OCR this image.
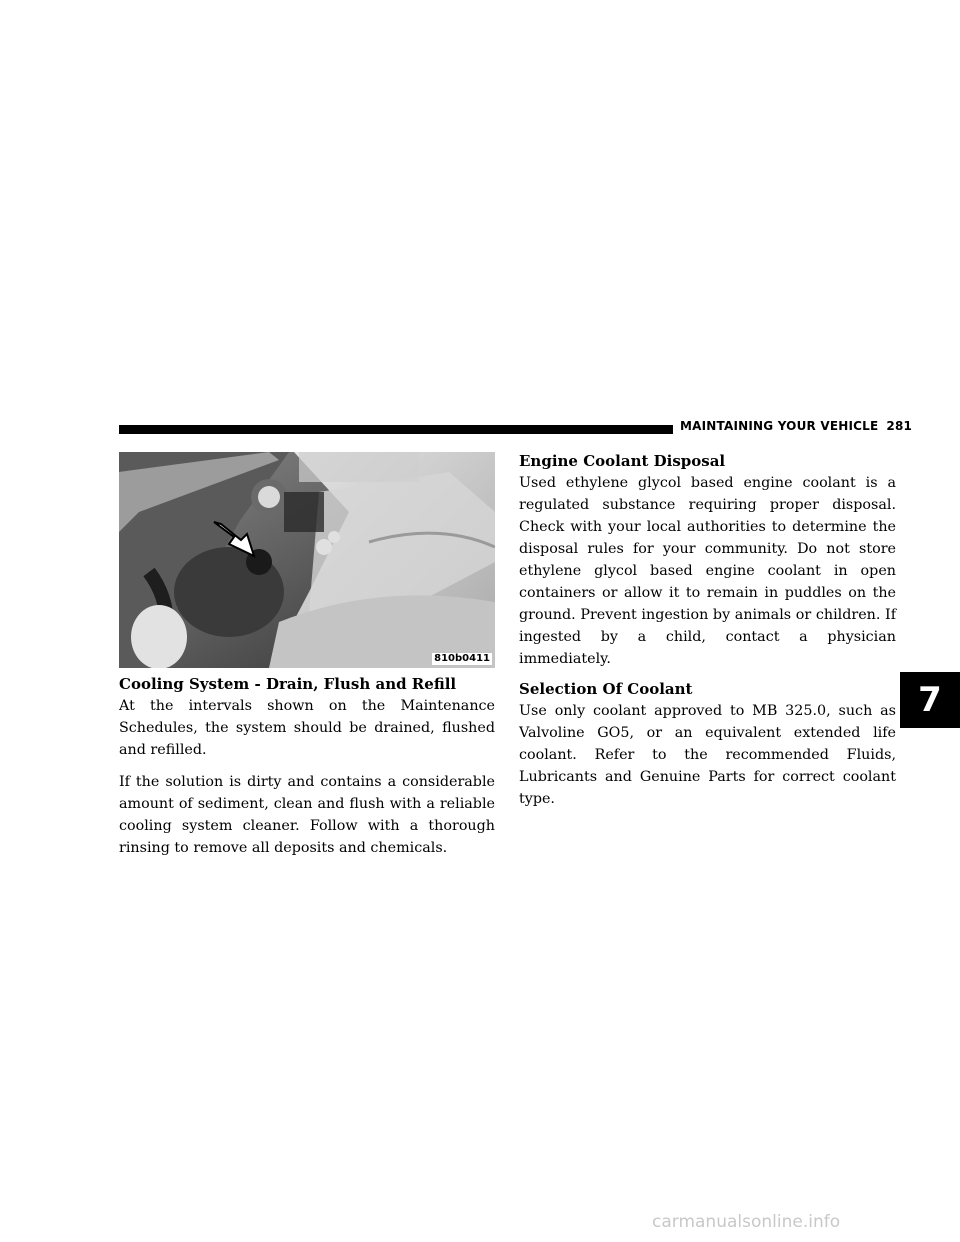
MAINTAINING YOUR VEHICLE 281
810b0411
Cooling System - Drain, Flush and Refill

At the intervals shown on the Maintenance Schedules, the system should be drained, flushed and refilled.

If the solution is dirty and contains a considerable amount of sediment, clean and flush with a reliable cooling system cleaner. Follow with a thorough rinsing to remove all deposits and chemicals.

Engine Coolant Disposal

Used ethylene glycol based engine coolant is a regulated substance requiring proper disposal. Check with your local authorities to determine the disposal rules for your community. Do not store ethylene glycol based engine coolant in open containers or allow it to remain in puddles on the ground. Prevent ingestion by animals or children. If ingested by a child, contact a physician immediately.

Selection Of Coolant

Use only coolant approved to MB 325.0, such as Valvoline GO5, or an equivalent extended life coolant. Refer to the recommended Fluids, Lubricants and Genuine Parts for correct coolant type.

7
carmanualsonline.info
